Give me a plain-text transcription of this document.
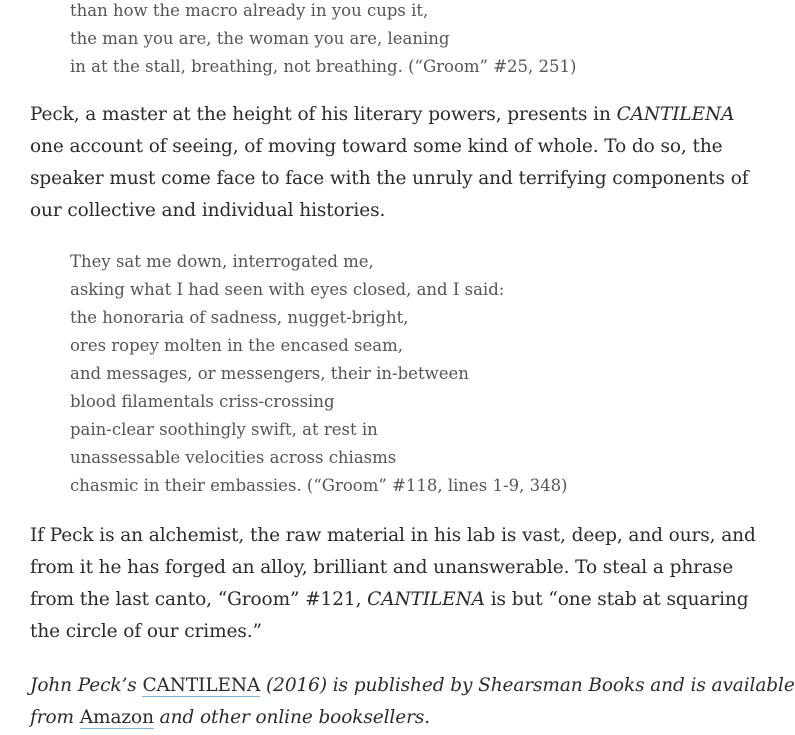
than how the macro already in you cups it,
the man you are, the woman you are, leaning
in at the stall, breathing, not breathing. (“Groom” #25, 251)

Peck, a master at the height of his literary powers, presents in CANTILENA
one account of seeing, of moving toward some kind of whole. To do so, the
speaker must come face to face with the unruly and terrifying components of
our collective and individual histories.

They sat me down, interrogated me,
asking what I had seen with eyes closed, and I said:
the honoraria of sadness, nugget-bright,
ores ropey molten in the encased seam,
and messages, or messengers, their in-between
blood filamentals criss-crossing
pain-clear soothingly swift, at rest in
unassessable velocities across chiasms
chasmic in their embassies. (“Groom” #118, lines 1-9, 348)

If Peck is an alchemist, the raw material in his lab is vast, deep, and ours, and
from it he has forged an alloy, brilliant and unanswerable. To steal a phrase
from the last canto, “Groom” #121, CANTILENA is but “one stab at squaring
the circle of our crimes.”

John Peck’s CANTILENA (2016) is published by Shearsman Books and is available
from Amazon and other online booksellers.
